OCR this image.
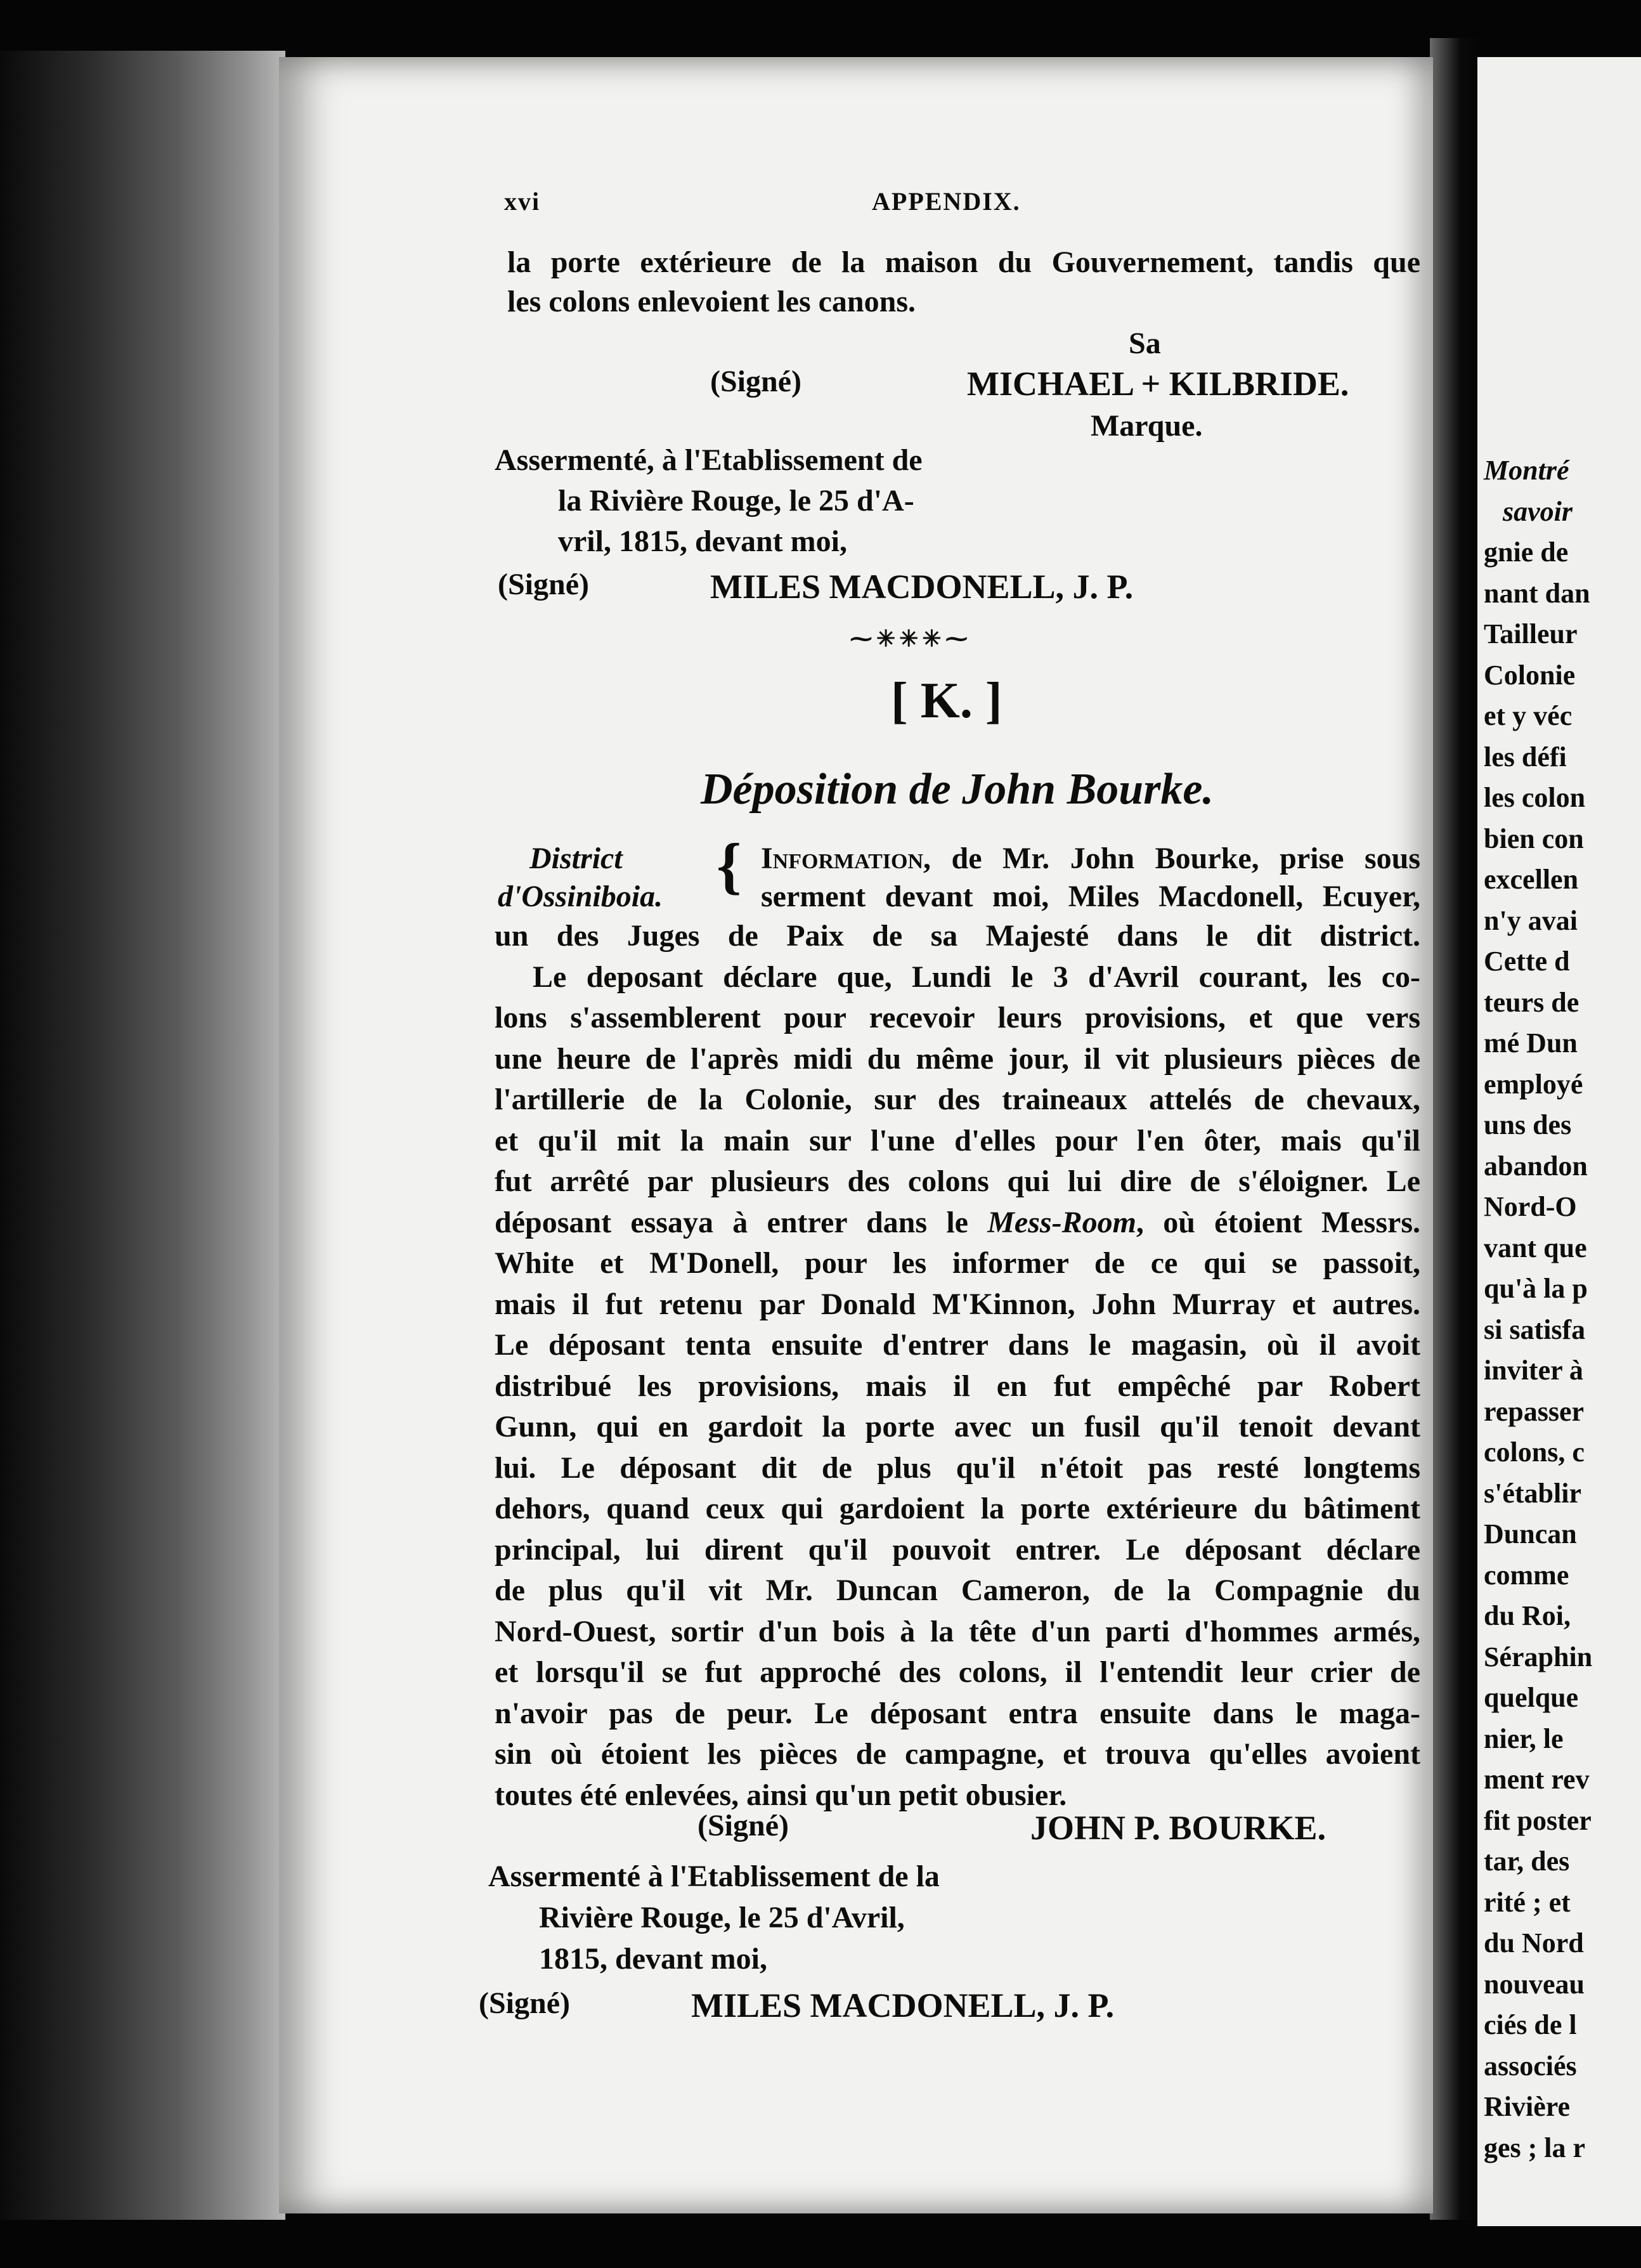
xvi	APPENDIX.
la porte extérieure de la maison du Gouvernement, tandis que
les colons enlevoient les canons.
Sa
(Signé)	MICHAEL + KILBRIDE.
Marque.
Assermenté, à l'Etablissement de
la Rivière Rouge, le 25 d'A-
vril, 1815, devant moi,
(Signé)	MILES MACDONELL, J. P.
⁓✳✳✳⁓
[ K. ]
Déposition de John Bourke.
District
d'Ossiniboia. { Information, de Mr. John Bourke, prise sous
serment devant moi, Miles Macdonell, Ecuyer,
un des Juges de Paix de sa Majesté dans le dit district.
Le deposant déclare que, Lundi le 3 d'Avril courant, les co-
lons s'assemblerent pour recevoir leurs provisions, et que vers
une heure de l'après midi du même jour, il vit plusieurs pièces de
l'artillerie de la Colonie, sur des traineaux attelés de chevaux,
et qu'il mit la main sur l'une d'elles pour l'en ôter, mais qu'il
fut arrêté par plusieurs des colons qui lui dire de s'éloigner. Le
déposant essaya à entrer dans le Mess-Room, où étoient Messrs.
White et M'Donell, pour les informer de ce qui se passoit,
mais il fut retenu par Donald M'Kinnon, John Murray et autres.
Le déposant tenta ensuite d'entrer dans le magasin, où il avoit
distribué les provisions, mais il en fut empêché par Robert
Gunn, qui en gardoit la porte avec un fusil qu'il tenoit devant
lui. Le déposant dit de plus qu'il n'étoit pas resté longtems
dehors, quand ceux qui gardoient la porte extérieure du bâtiment
principal, lui dirent qu'il pouvoit entrer. Le déposant déclare
de plus qu'il vit Mr. Duncan Cameron, de la Compagnie du
Nord-Ouest, sortir d'un bois à la tête d'un parti d'hommes armés,
et lorsqu'il se fut approché des colons, il l'entendit leur crier de
n'avoir pas de peur. Le déposant entra ensuite dans le maga-
sin où étoient les pièces de campagne, et trouva qu'elles avoient
toutes été enlevées, ainsi qu'un petit obusier.
(Signé)	JOHN P. BOURKE.
Assermenté à l'Etablissement de la
Rivière Rouge, le 25 d'Avril,
1815, devant moi,
(Signé)	MILES MACDONELL, J. P.
Montré
savoir
gnie de
nant dan
Tailleur
Colonie
et y véc
les défi
les colon
bien con
excellen
n'y avai
Cette d
teurs de
mé Dun
employé
uns des
abandon
Nord-O
vant que
qu'à la p
si satisfa
inviter à
repasser
colons, c
s'établir
Duncan
comme
du Roi,
Séraphin
quelque
nier, le
ment rev
fit poster
tar, des
rité ; et
du Nord
nouveau
ciés de l
associés
Rivière
ges ; la r
